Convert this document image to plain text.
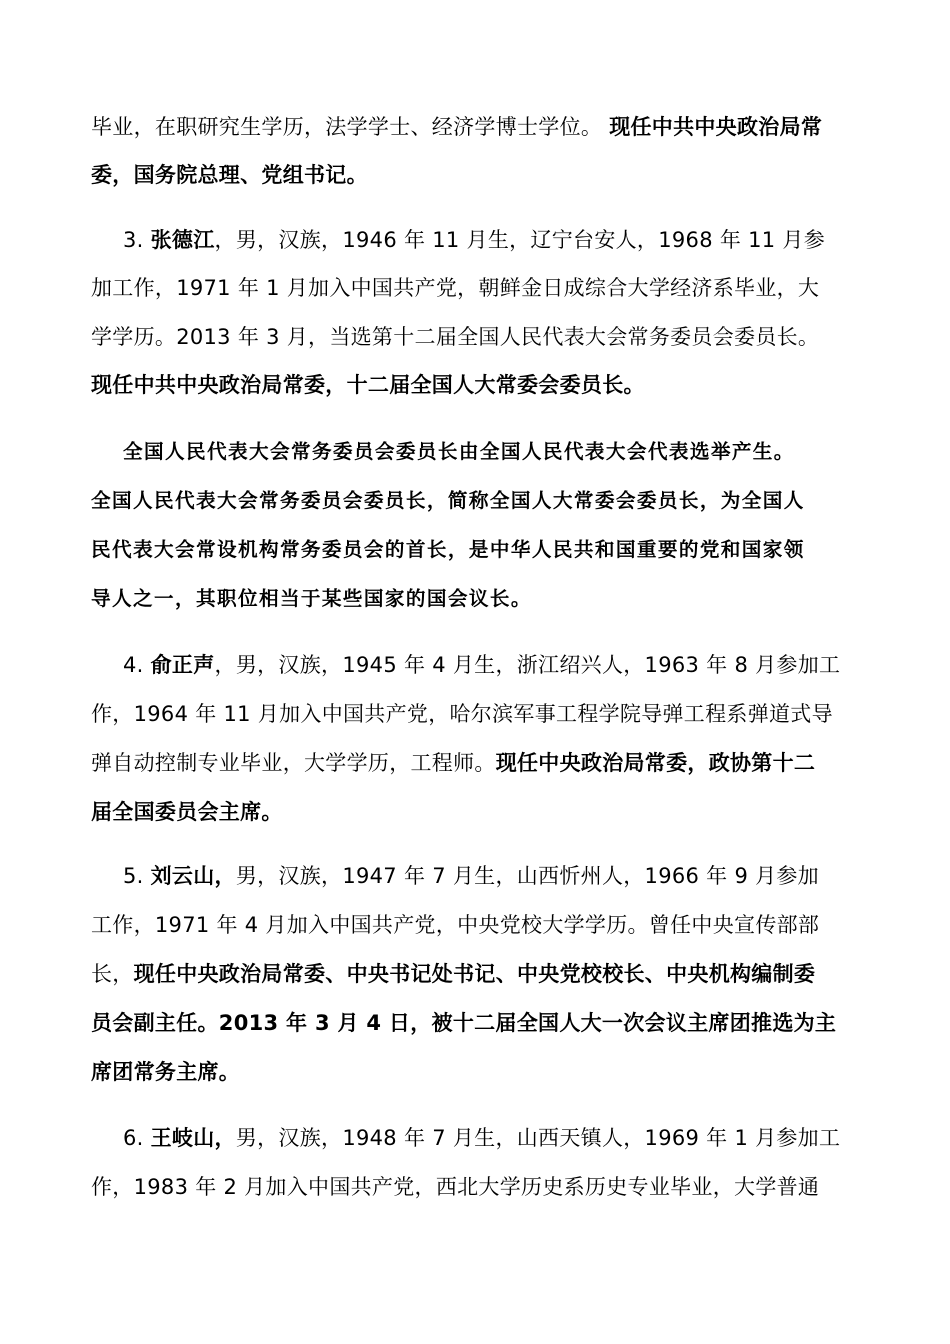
毕业，在职研究生学历，法学学士、经济学博士学位。 现任中共中央政治局常
委，国务院总理、党组书记。
3. 张德江，男，汉族，1946 年 11 月生，辽宁台安人，1968 年 11 月参
加工作，1971 年 1 月加入中国共产党，朝鲜金日成综合大学经济系毕业，大
学学历。2013 年 3 月，当选第十二届全国人民代表大会常务委员会委员长。
现任中共中央政治局常委，十二届全国人大常委会委员长。
全国人民代表大会常务委员会委员长由全国人民代表大会代表选举产生。
全国人民代表大会常务委员会委员长，简称全国人大常委会委员长，为全国人
民代表大会常设机构常务委员会的首长，是中华人民共和国重要的党和国家领
导人之一，其职位相当于某些国家的国会议长。
4. 俞正声，男，汉族，1945 年 4 月生，浙江绍兴人，1963 年 8 月参加工
作，1964 年 11 月加入中国共产党，哈尔滨军事工程学院导弹工程系弹道式导
弹自动控制专业毕业，大学学历，工程师。现任中央政治局常委，政协第十二
届全国委员会主席。
5. 刘云山，男，汉族，1947 年 7 月生，山西忻州人，1966 年 9 月参加
工作，1971 年 4 月加入中国共产党，中央党校大学学历。曾任中央宣传部部
长，现任中央政治局常委、中央书记处书记、中央党校校长、中央机构编制委
员会副主任。2013 年 3 月 4 日，被十二届全国人大一次会议主席团推选为主
席团常务主席。
6. 王岐山，男，汉族，1948 年 7 月生，山西天镇人，1969 年 1 月参加工
作，1983 年 2 月加入中国共产党，西北大学历史系历史专业毕业，大学普通
